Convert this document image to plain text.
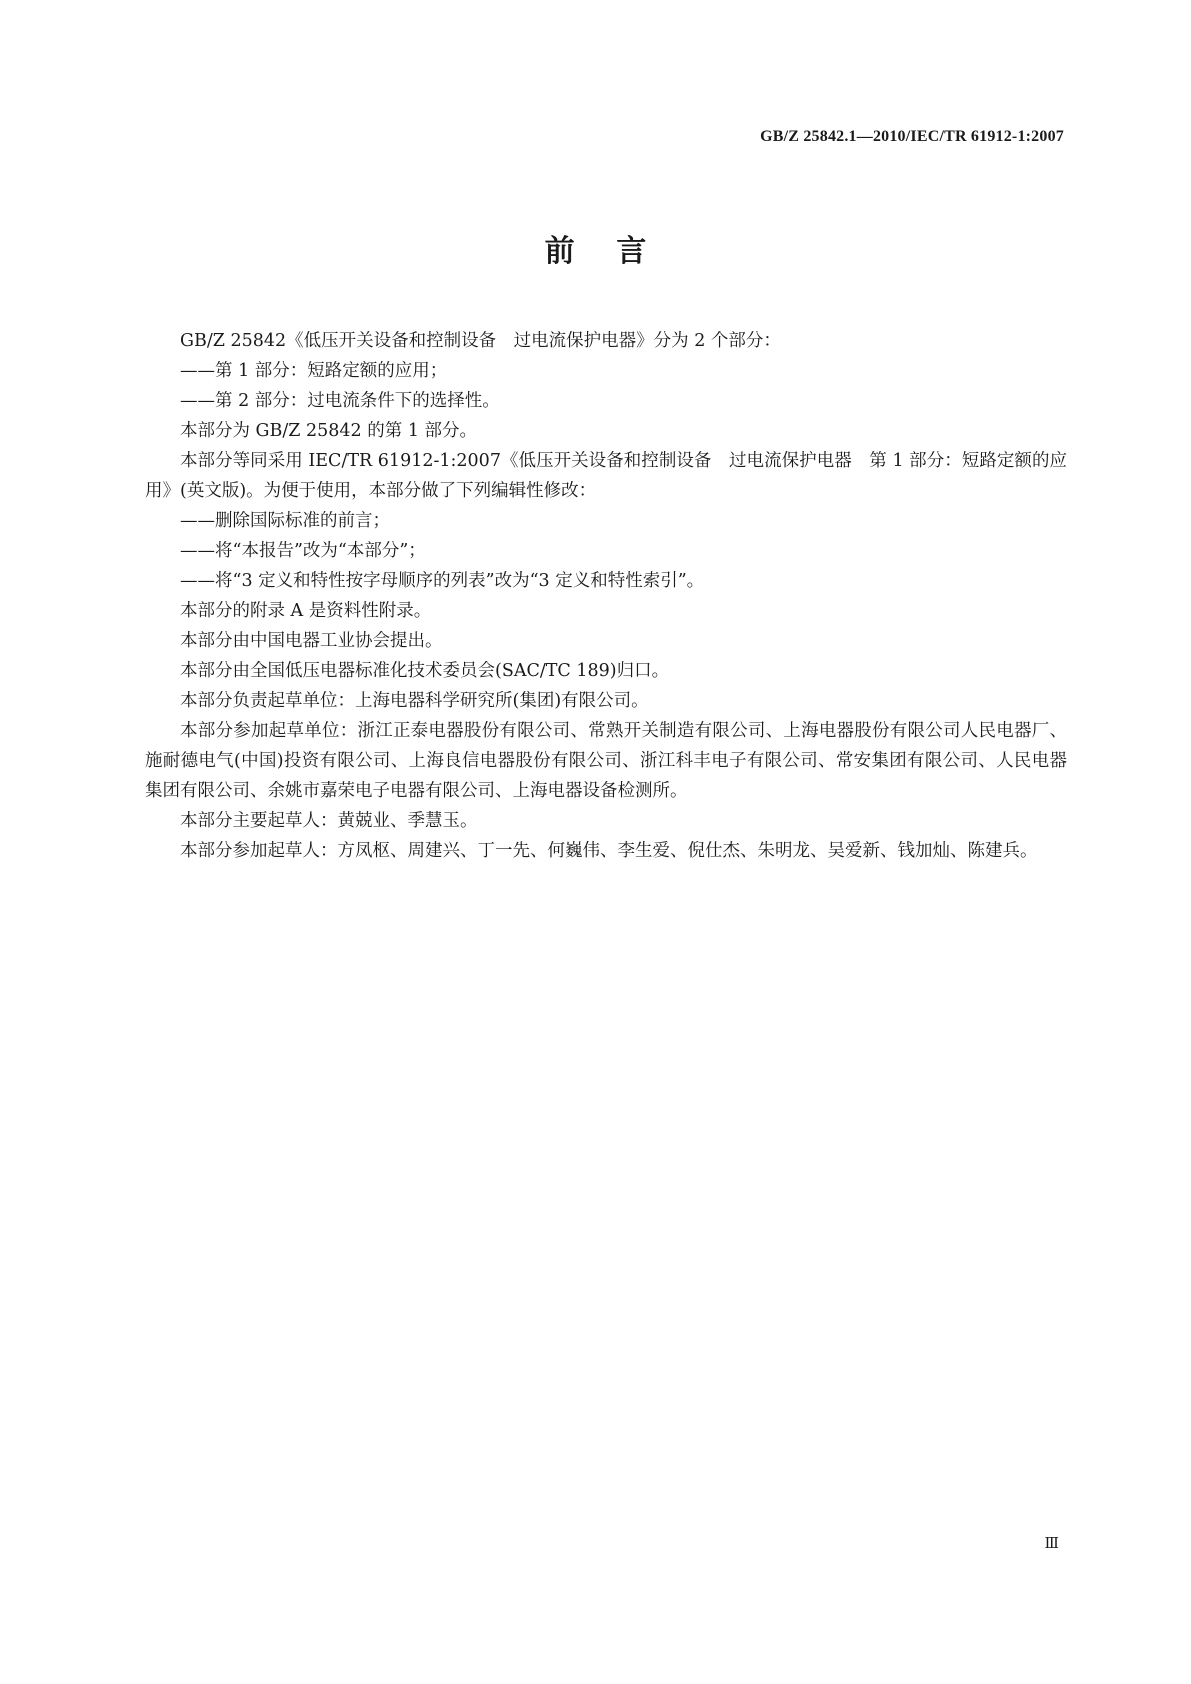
GB/Z 25842.1—2010/IEC/TR 61912-1:2007
前    言

GB/Z 25842《低压开关设备和控制设备　过电流保护电器》分为 2 个部分：

——第 1 部分：短路定额的应用；

——第 2 部分：过电流条件下的选择性。

本部分为 GB/Z 25842 的第 1 部分。

本部分等同采用 IEC/TR 61912-1:2007《低压开关设备和控制设备　过电流保护电器　第 1 部分：短路定额的应用》(英文版)。为便于使用，本部分做了下列编辑性修改：

——删除国际标准的前言；

——将“本报告”改为“本部分”；

——将“3 定义和特性按字母顺序的列表”改为“3 定义和特性索引”。

本部分的附录 A 是资料性附录。

本部分由中国电器工业协会提出。

本部分由全国低压电器标准化技术委员会(SAC/TC 189)归口。

本部分负责起草单位：上海电器科学研究所(集团)有限公司。

本部分参加起草单位：浙江正泰电器股份有限公司、常熟开关制造有限公司、上海电器股份有限公司人民电器厂、施耐德电气(中国)投资有限公司、上海良信电器股份有限公司、浙江科丰电子有限公司、常安集团有限公司、人民电器集团有限公司、余姚市嘉荣电子电器有限公司、上海电器设备检测所。

本部分主要起草人：黄兢业、季慧玉。

本部分参加起草人：方凤枢、周建兴、丁一先、何巍伟、李生爱、倪仕杰、朱明龙、吴爱新、钱加灿、陈建兵。

Ⅲ
